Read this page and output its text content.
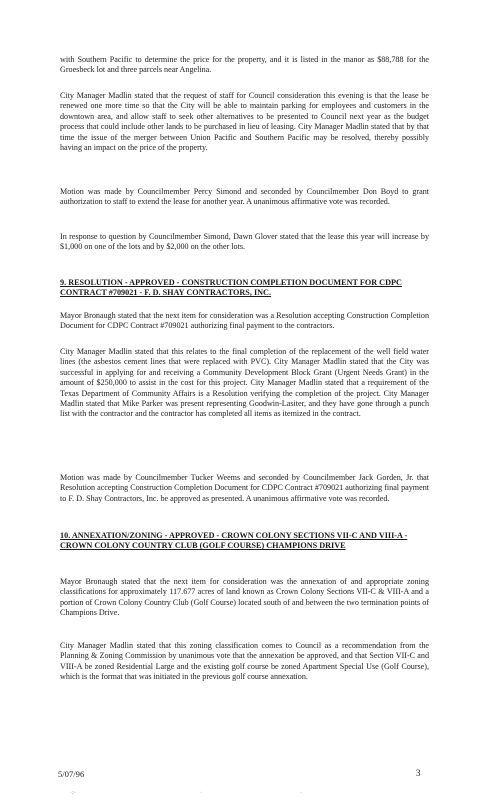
with Southern Pacific to determine the price for the property, and it is listed in the manor as $88,788 for the Groesbeck lot and three parcels near Angelina.

City Manager Madlin stated that the request of staff for Council consideration this evening is that the lease be renewed one more time so that the City will be able to maintain parking for employees and customers in the downtown area, and allow staff to seek other alternatives to be presented to Council next year as the budget process that could include other lands to be purchased in lieu of leasing. City Manager Madlin stated that by that time the issue of the merger between Union Pacific and Southern Pacific may be resolved, thereby possibly having an impact on the price of the property.

Motion was made by Councilmember Percy Simond and seconded by Councilmember Don Boyd to grant authorization to staff to extend the lease for another year. A unanimous affirmative vote was recorded.

In response to question by Councilmember Simond, Dawn Glover stated that the lease this year will increase by $1,000 on one of the lots and by $2,000 on the other lots.

9. RESOLUTION - APPROVED - CONSTRUCTION COMPLETION DOCUMENT FOR CDPC CONTRACT #709021 - F. D. SHAY CONTRACTORS, INC.

Mayor Bronaugh stated that the next item for consideration was a Resolution accepting Construction Completion Document for CDPC Contract #709021 authorizing final payment to the contractors.

City Manager Madlin stated that this relates to the final completion of the replacement of the well field water lines (the asbestos cement lines that were replaced with PVC). City Manager Madlin stated that the City was successful in applying for and receiving a Community Development Block Grant (Urgent Needs Grant) in the amount of $250,000 to assist in the cost for this project. City Manager Madlin stated that a requirement of the Texas Department of Community Affairs is a Resolution verifying the completion of the project. City Manager Madlin stated that Mike Parker was present representing Goodwin-Lasiter, and they have gone through a punch list with the contractor and the contractor has completed all items as itemized in the contract.

Motion was made by Councilmember Tucker Weems and seconded by Councilmember Jack Gorden, Jr. that Resolution accepting Construction Completion Document for CDPC Contract #709021 authorizing final payment to F. D. Shay Contractors, Inc. be approved as presented. A unanimous affirmative vote was recorded.

10. ANNEXATION/ZONING - APPROVED - CROWN COLONY SECTIONS VII-C AND VIII-A - CROWN COLONY COUNTRY CLUB (GOLF COURSE) CHAMPIONS DRIVE

Mayor Bronaugh stated that the next item for consideration was the annexation of and appropriate zoning classifications for approximately 117.677 acres of land known as Crown Colony Sections VII-C & VIII-A and a portion of Crown Colony Country Club (Golf Course) located south of and between the two termination points of Champions Drive.

City Manager Madlin stated that this zoning classification comes to Council as a recommendation from the Planning & Zoning Commission by unanimous vote that the annexation be approved, and that Section VII-C and VIII-A be zoned Residential Large and the existing golf course be zoned Apartment Special Use (Golf Course), which is the format that was initiated in the previous golf course annexation.

5/07/96	3
·:·	·	·
